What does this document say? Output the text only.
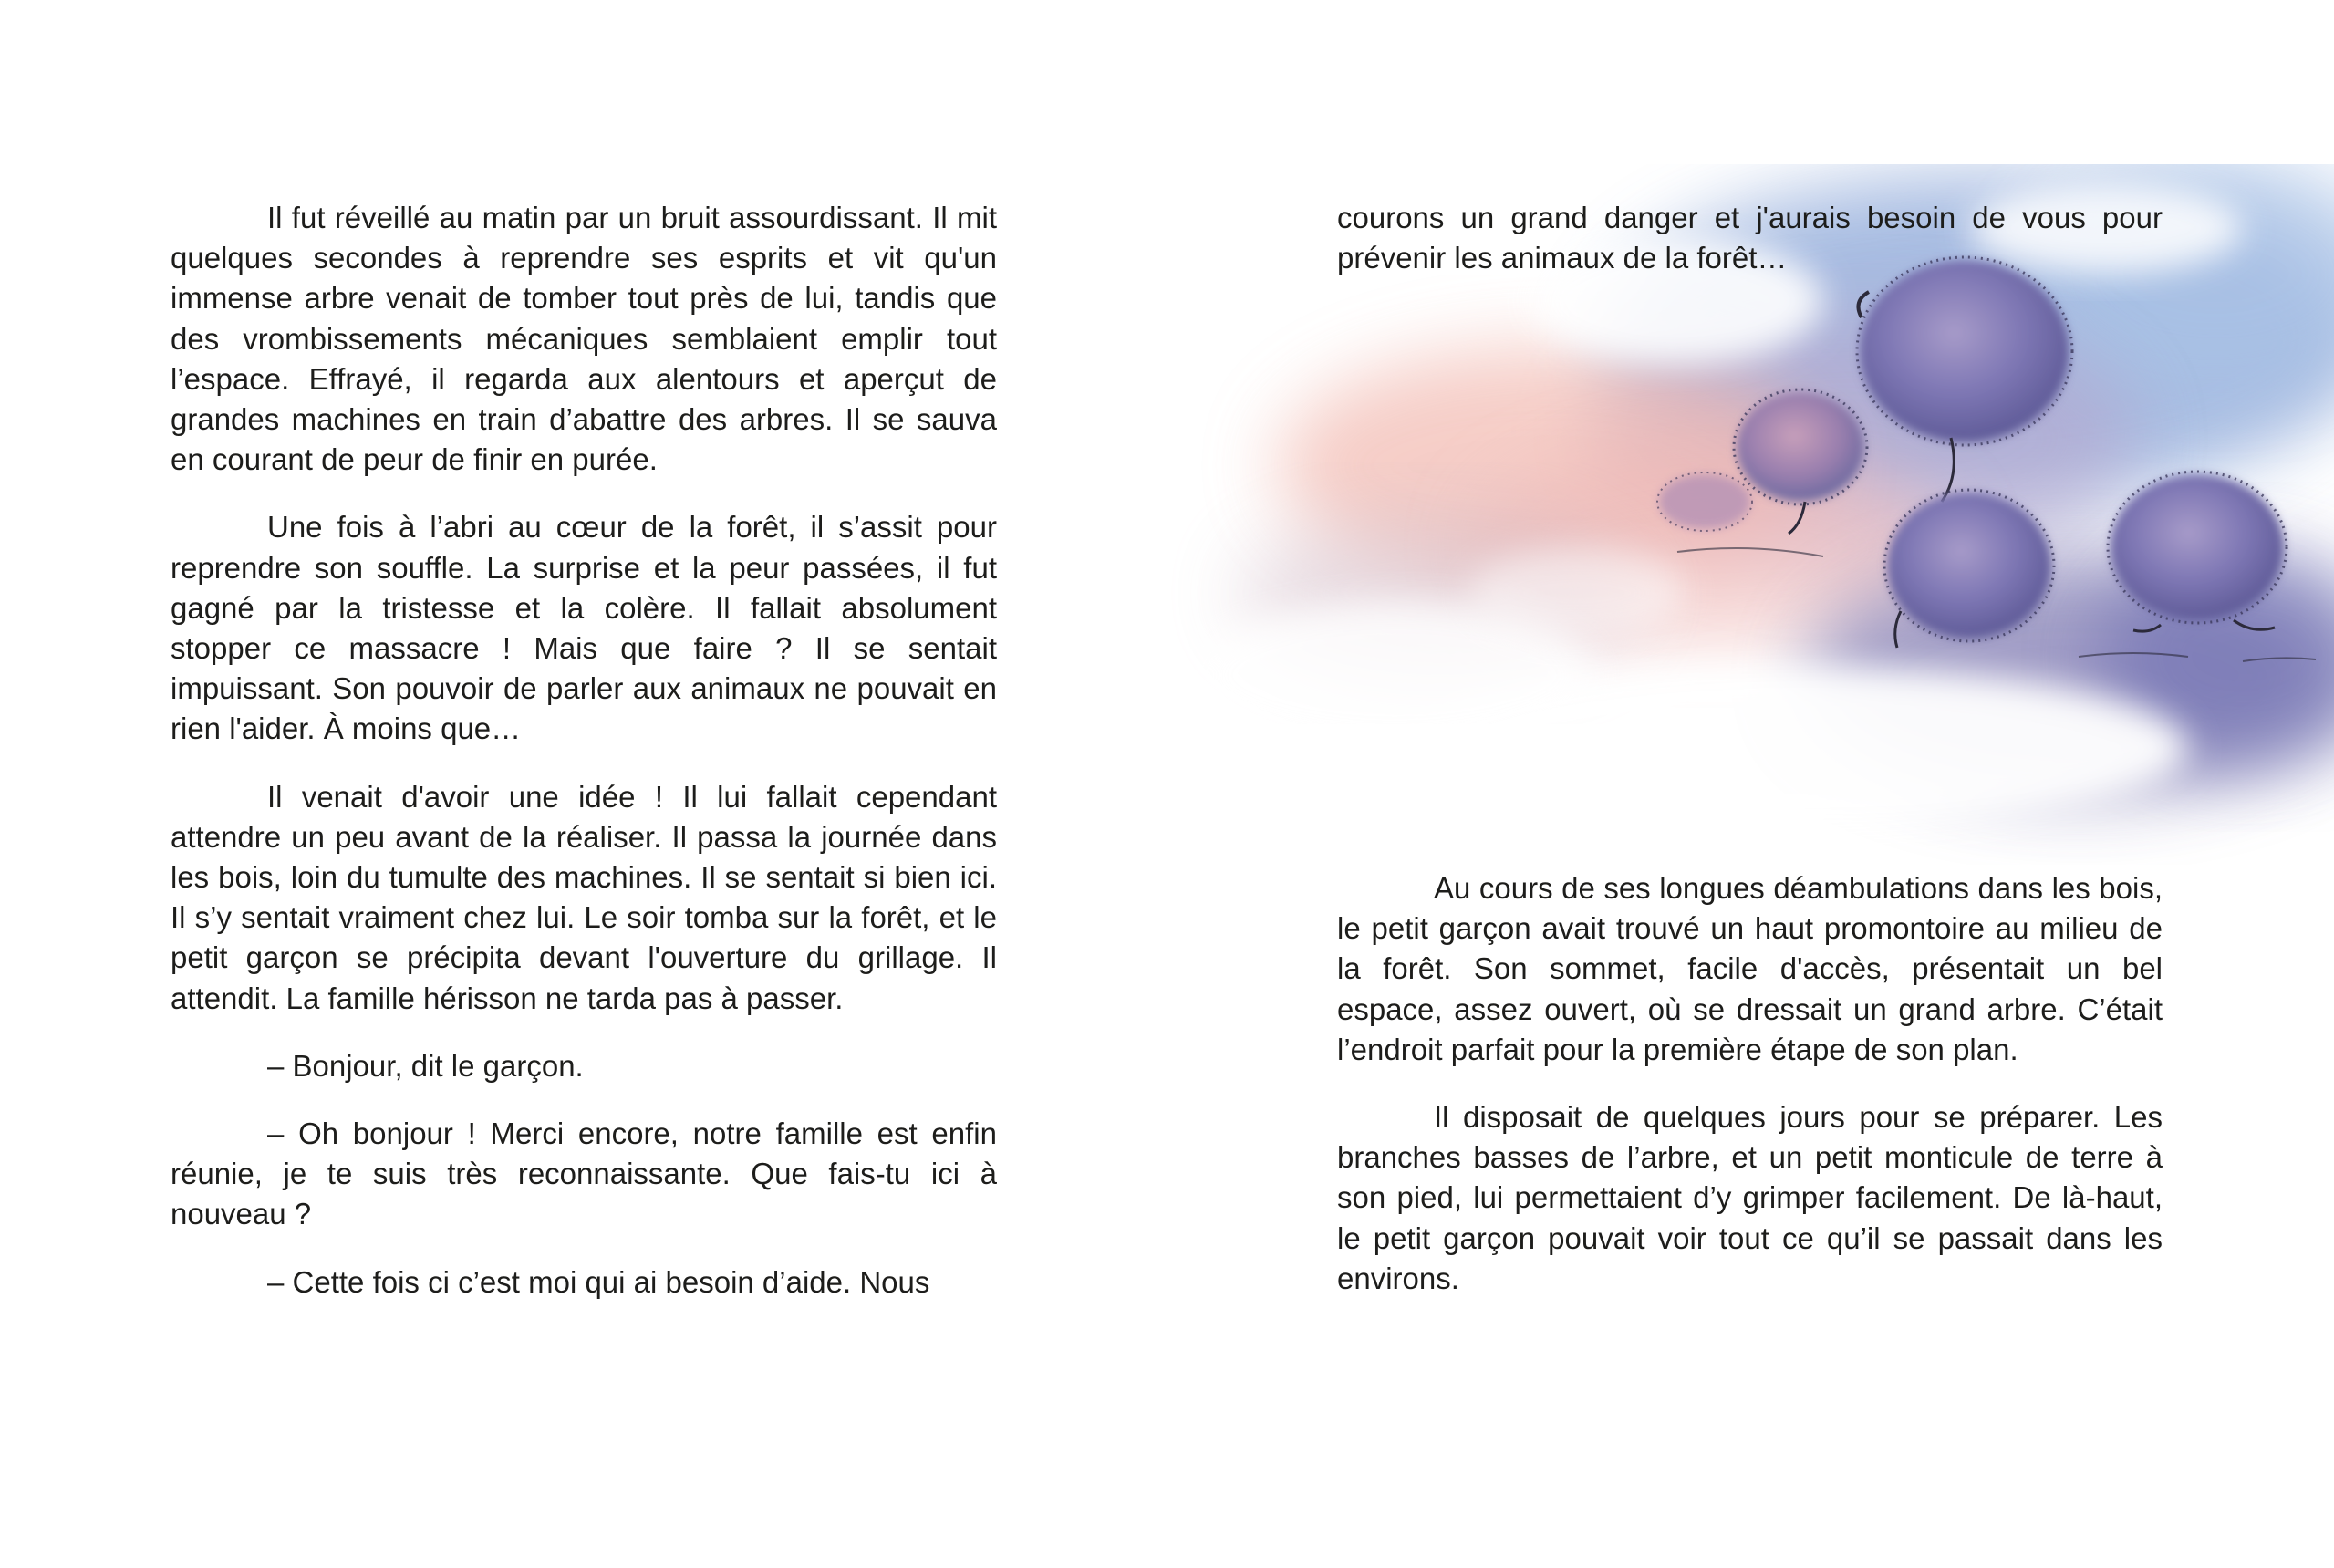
Il fut réveillé au matin par un bruit assourdissant. Il mit quelques secondes à reprendre ses esprits et vit qu'un immense arbre venait de tomber tout près de lui, tandis que des vrombissements mécaniques semblaient emplir tout l’espace. Effrayé, il regarda aux alentours et aperçut de grandes machines en train d’abattre des arbres. Il se sauva en courant de peur de finir en purée.

Une fois à l’abri au cœur de la forêt, il s’assit pour reprendre son souffle. La surprise et la peur passées, il fut gagné par la tristesse et la colère. Il fallait absolument stopper ce massacre ! Mais que faire ? Il se sentait impuissant. Son pouvoir de parler aux animaux ne pouvait en rien l'aider. À moins que…

Il venait d'avoir une idée ! Il lui fallait cependant attendre un peu avant de la réaliser. Il passa la journée dans les bois, loin du tumulte des machines. Il se sentait si bien ici. Il s’y sentait vraiment chez lui. Le soir tomba sur la forêt, et le petit garçon se précipita devant l'ouverture du grillage. Il attendit. La famille hérisson ne tarda pas à passer.

– Bonjour, dit le garçon.

– Oh bonjour ! Merci encore, notre famille est enfin réunie, je te suis très reconnaissante. Que fais-tu ici à nouveau ?

– Cette fois ci c’est moi qui ai besoin d’aide. Nous

courons un grand danger et j'aurais besoin de vous pour prévenir les animaux de la forêt…

Au cours de ses longues déambulations dans les bois, le petit garçon avait trouvé un haut promontoire au milieu de la forêt. Son sommet, facile d'accès, présentait un bel espace, assez ouvert, où se dressait un grand arbre. C’était l’endroit parfait pour la première étape de son plan.

Il disposait de quelques jours pour se préparer. Les branches basses de l’arbre, et un petit monticule de terre à son pied, lui permettaient d’y grimper facilement. De là-haut, le petit garçon pouvait voir tout ce qu’il se passait dans les environs.
